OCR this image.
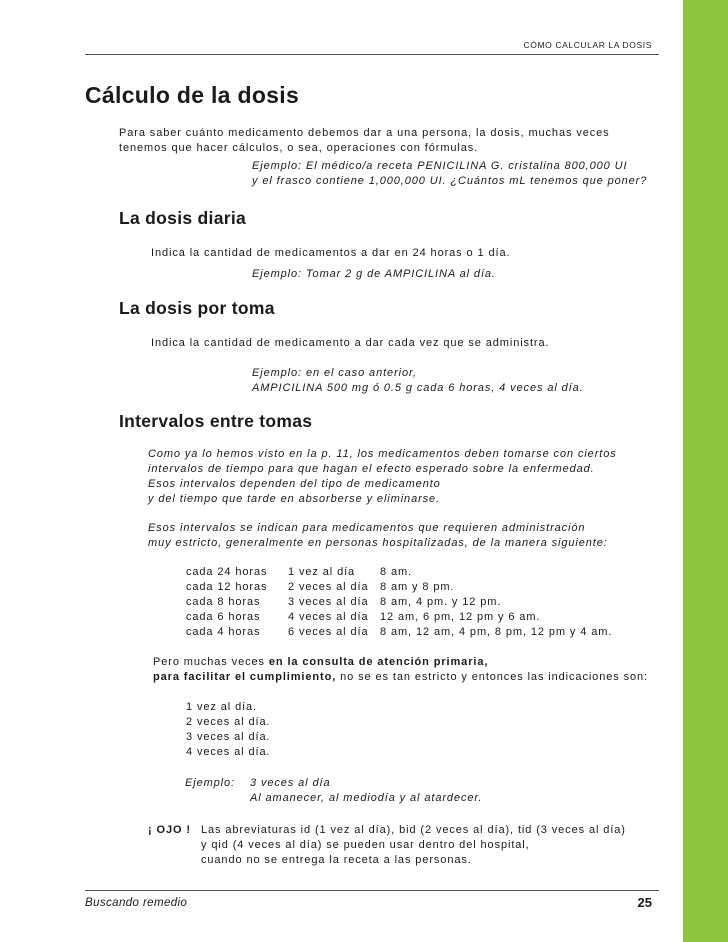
CÓMO CALCULAR LA DOSIS
Cálculo de la dosis
Para saber cuánto medicamento debemos dar a una persona, la dosis, muchas veces
tenemos que hacer cálculos, o sea, operaciones con fórmulas.
Ejemplo: El médico/a receta PENICILINA G. cristalina 800,000 UI
y el frasco contiene 1,000,000 UI. ¿Cuántos mL tenemos que poner?
La dosis diaria
Indica la cantidad de medicamentos a dar en 24 horas o 1 día.
Ejemplo: Tomar 2 g de AMPICILINA al día.
La dosis por toma
Indica la cantidad de medicamento a dar cada vez que se administra.
Ejemplo: en el caso anterior,
AMPICILINA 500 mg ó 0.5 g cada 6 horas, 4 veces al día.
Intervalos entre tomas
Como ya lo hemos visto en la p. 11, los medicamentos deben tomarse con ciertos
intervalos de tiempo para que hagan el efecto esperado sobre la enfermedad.
Esos intervalos dependen del tipo de medicamento
y del tiempo que tarde en absorberse y eliminarse.
Esos intervalos se indican para medicamentos que requieren administración
muy estricto, generalmente en personas hospitalizadas, de la manera siguiente:
cada 24 horas
cada 12 horas
cada 8 horas
cada 6 horas
cada 4 horas
1 vez al día
2 veces al día
3 veces al día
4 veces al día
6 veces al día
8 am.
8 am y 8 pm.
8 am, 4 pm. y 12 pm.
12 am, 6 pm, 12 pm y 6 am.
8 am, 12 am, 4 pm, 8 pm, 12 pm y 4 am.
Pero muchas veces en la consulta de atención primaria,
para facilitar el cumplimiento, no se es tan estricto y entonces las indicaciones son:
1 vez al día.
2 veces al día.
3 veces al día.
4 veces al día.
Ejemplo: 3 veces al día
Al amanecer, al mediodía y al atardecer.
¡ OJO ! Las abreviaturas id (1 vez al día), bid (2 veces al día), tid (3 veces al día)
y qid (4 veces al día) se pueden usar dentro del hospital,
cuando no se entrega la receta a las personas.
Buscando remedio	25
